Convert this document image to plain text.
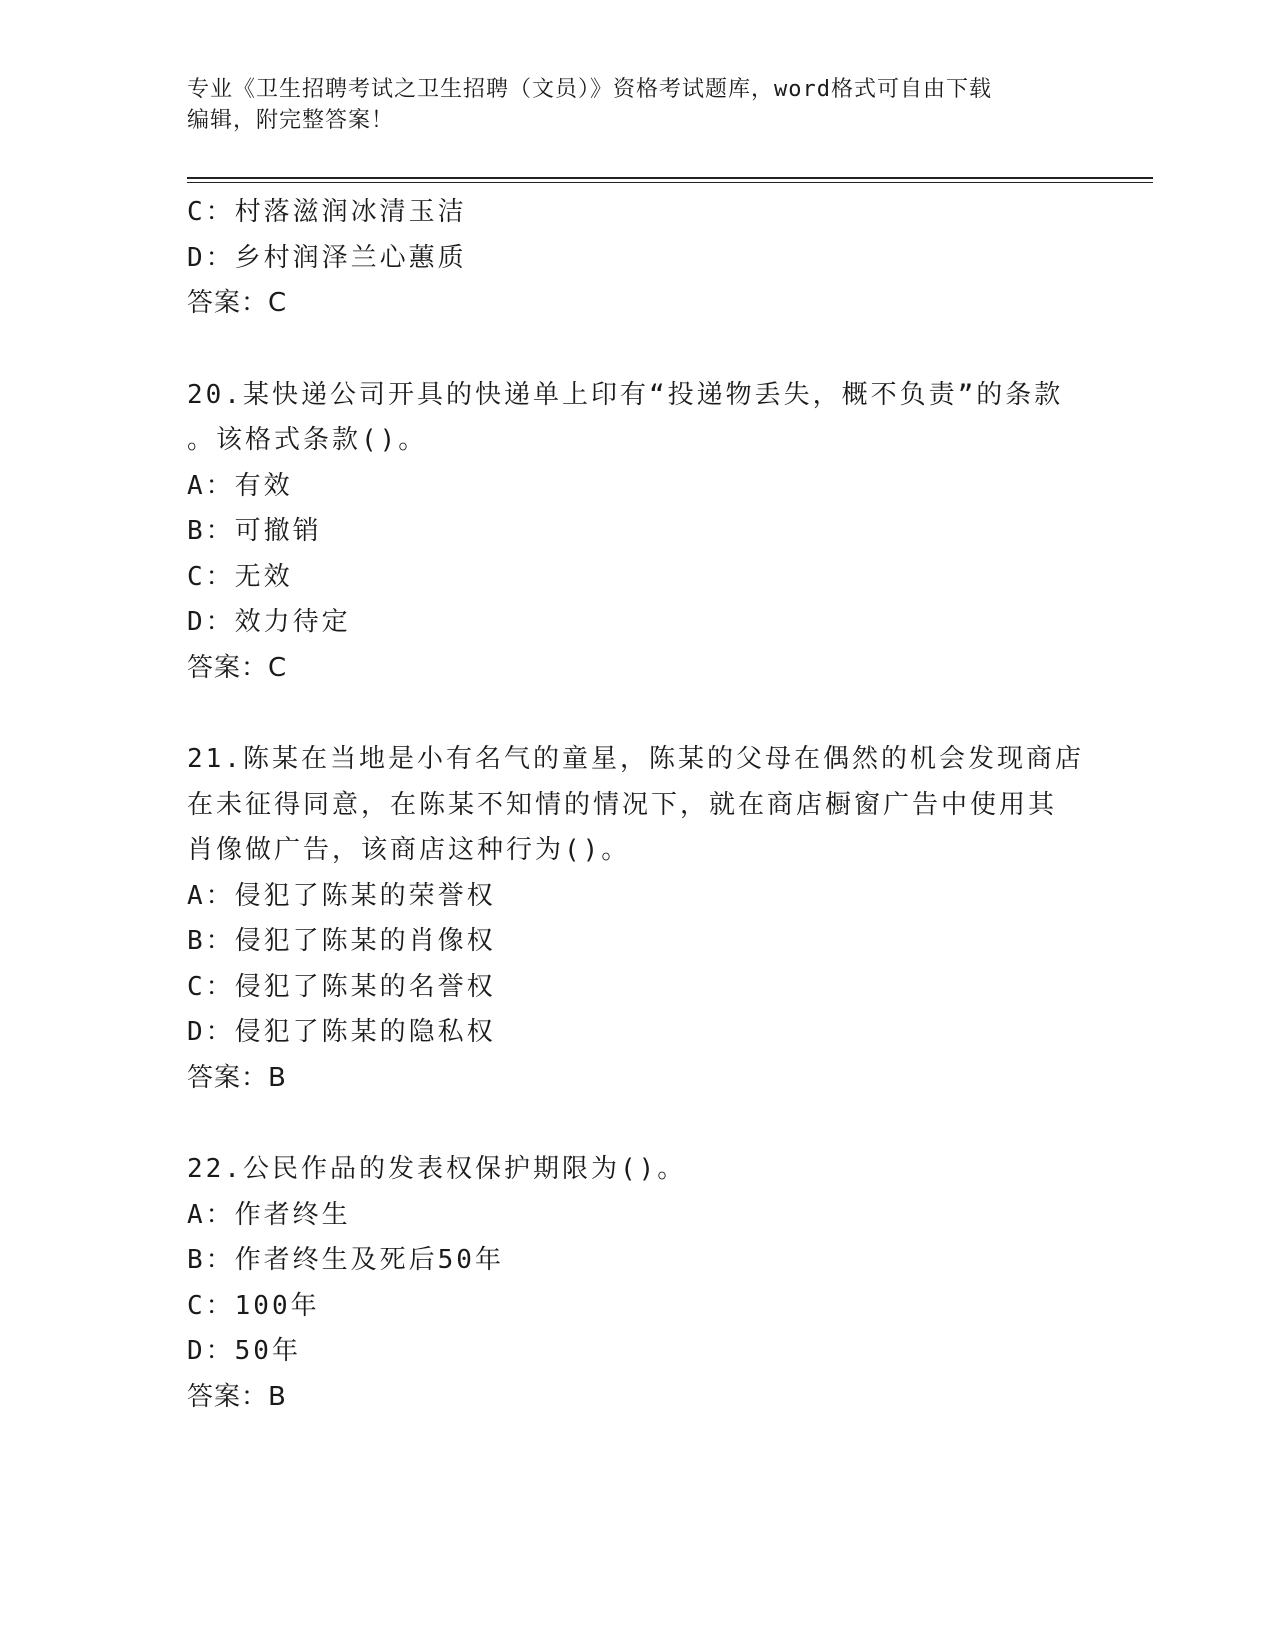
专业《卫生招聘考试之卫生招聘（文员）》资格考试题库，word格式可自由下载
编辑，附完整答案！
C：村落滋润冰清玉洁
D：乡村润泽兰心蕙质
答案：C
20.某快递公司开具的快递单上印有“投递物丢失，概不负责”的条款
。该格式条款()。
A：有效
B：可撤销
C：无效
D：效力待定
答案：C
21.陈某在当地是小有名气的童星，陈某的父母在偶然的机会发现商店
在未征得同意，在陈某不知情的情况下，就在商店橱窗广告中使用其
肖像做广告，该商店这种行为()。
A：侵犯了陈某的荣誉权
B：侵犯了陈某的肖像权
C：侵犯了陈某的名誉权
D：侵犯了陈某的隐私权
答案：B
22.公民作品的发表权保护期限为()。
A：作者终生
B：作者终生及死后50年
C：100年
D：50年
答案：B
